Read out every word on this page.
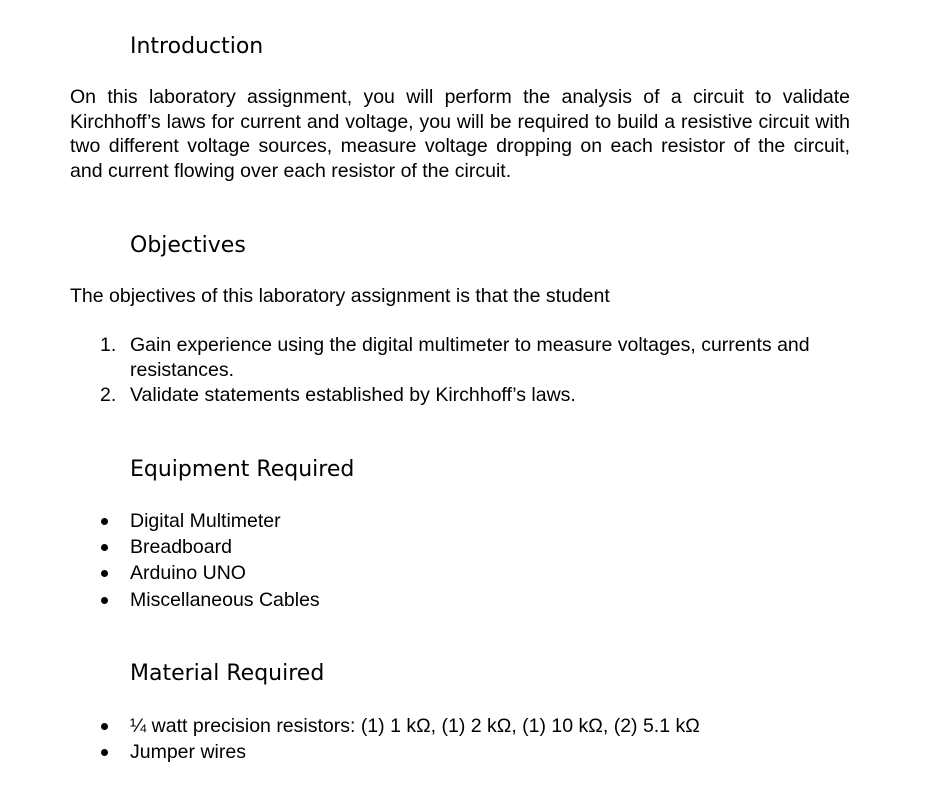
Introduction
On this laboratory assignment, you will perform the analysis of a circuit to validate Kirchhoff’s laws for current and voltage, you will be required to build a resistive circuit with two different voltage sources, measure voltage dropping on each resistor of the circuit, and current flowing over each resistor of the circuit.
Objectives
The objectives of this laboratory assignment is that the student
1. Gain experience using the digital multimeter to measure voltages, currents and resistances.
2. Validate statements established by Kirchhoff’s laws.
Equipment Required
Digital Multimeter
Breadboard
Arduino UNO
Miscellaneous Cables
Material Required
¼ watt precision resistors: (1) 1 kΩ, (1) 2 kΩ, (1) 10 kΩ, (2) 5.1 kΩ
Jumper wires
